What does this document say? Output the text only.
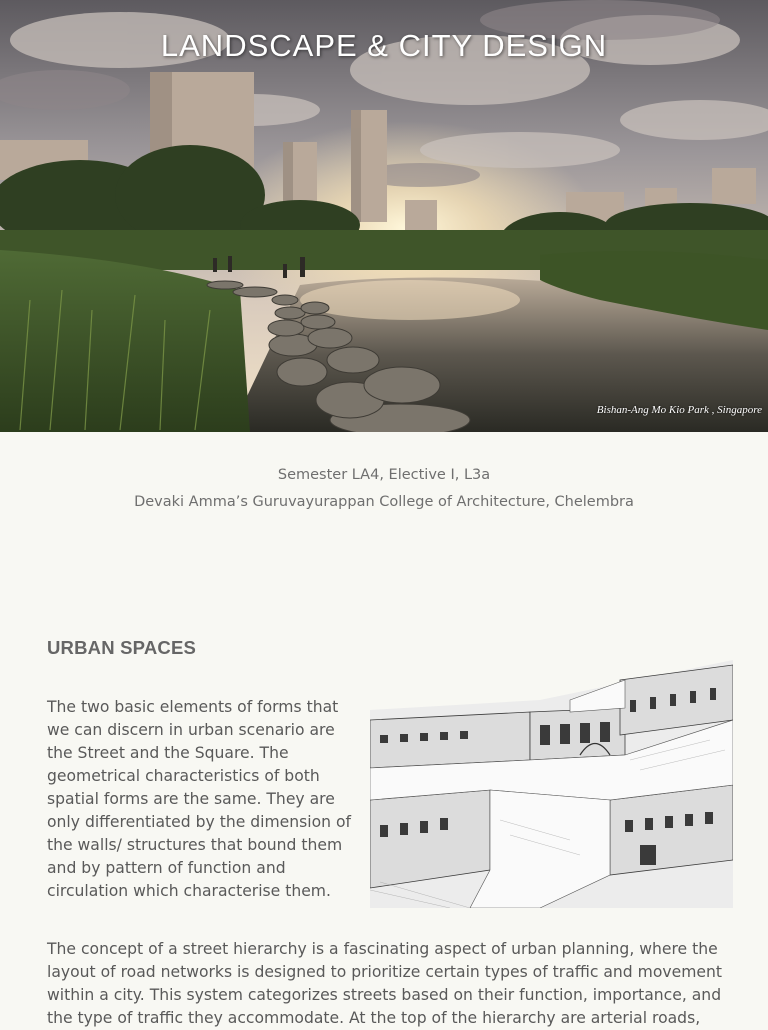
LANDSCAPE & CITY DESIGN
Bishan-Ang Mo Kio Park , Singapore
Semester LA4, Elective I, L3a
Devaki Amma’s Guruvayurappan College of Architecture, Chelembra
URBAN SPACES
The two basic elements of forms that we can discern in urban scenario are the Street and the Square. The geometrical characteristics of both spatial forms are the same. They are only differentiated by the dimension of the walls/ structures that bound them and by pattern of function and circulation which characterise them.
The concept of a street hierarchy is a fascinating aspect of urban planning, where the layout of road networks is designed to prioritize certain types of traffic and movement within a city. This system categorizes streets based on their function, importance, and the type of traffic they accommodate. At the top of the hierarchy are arterial roads,
